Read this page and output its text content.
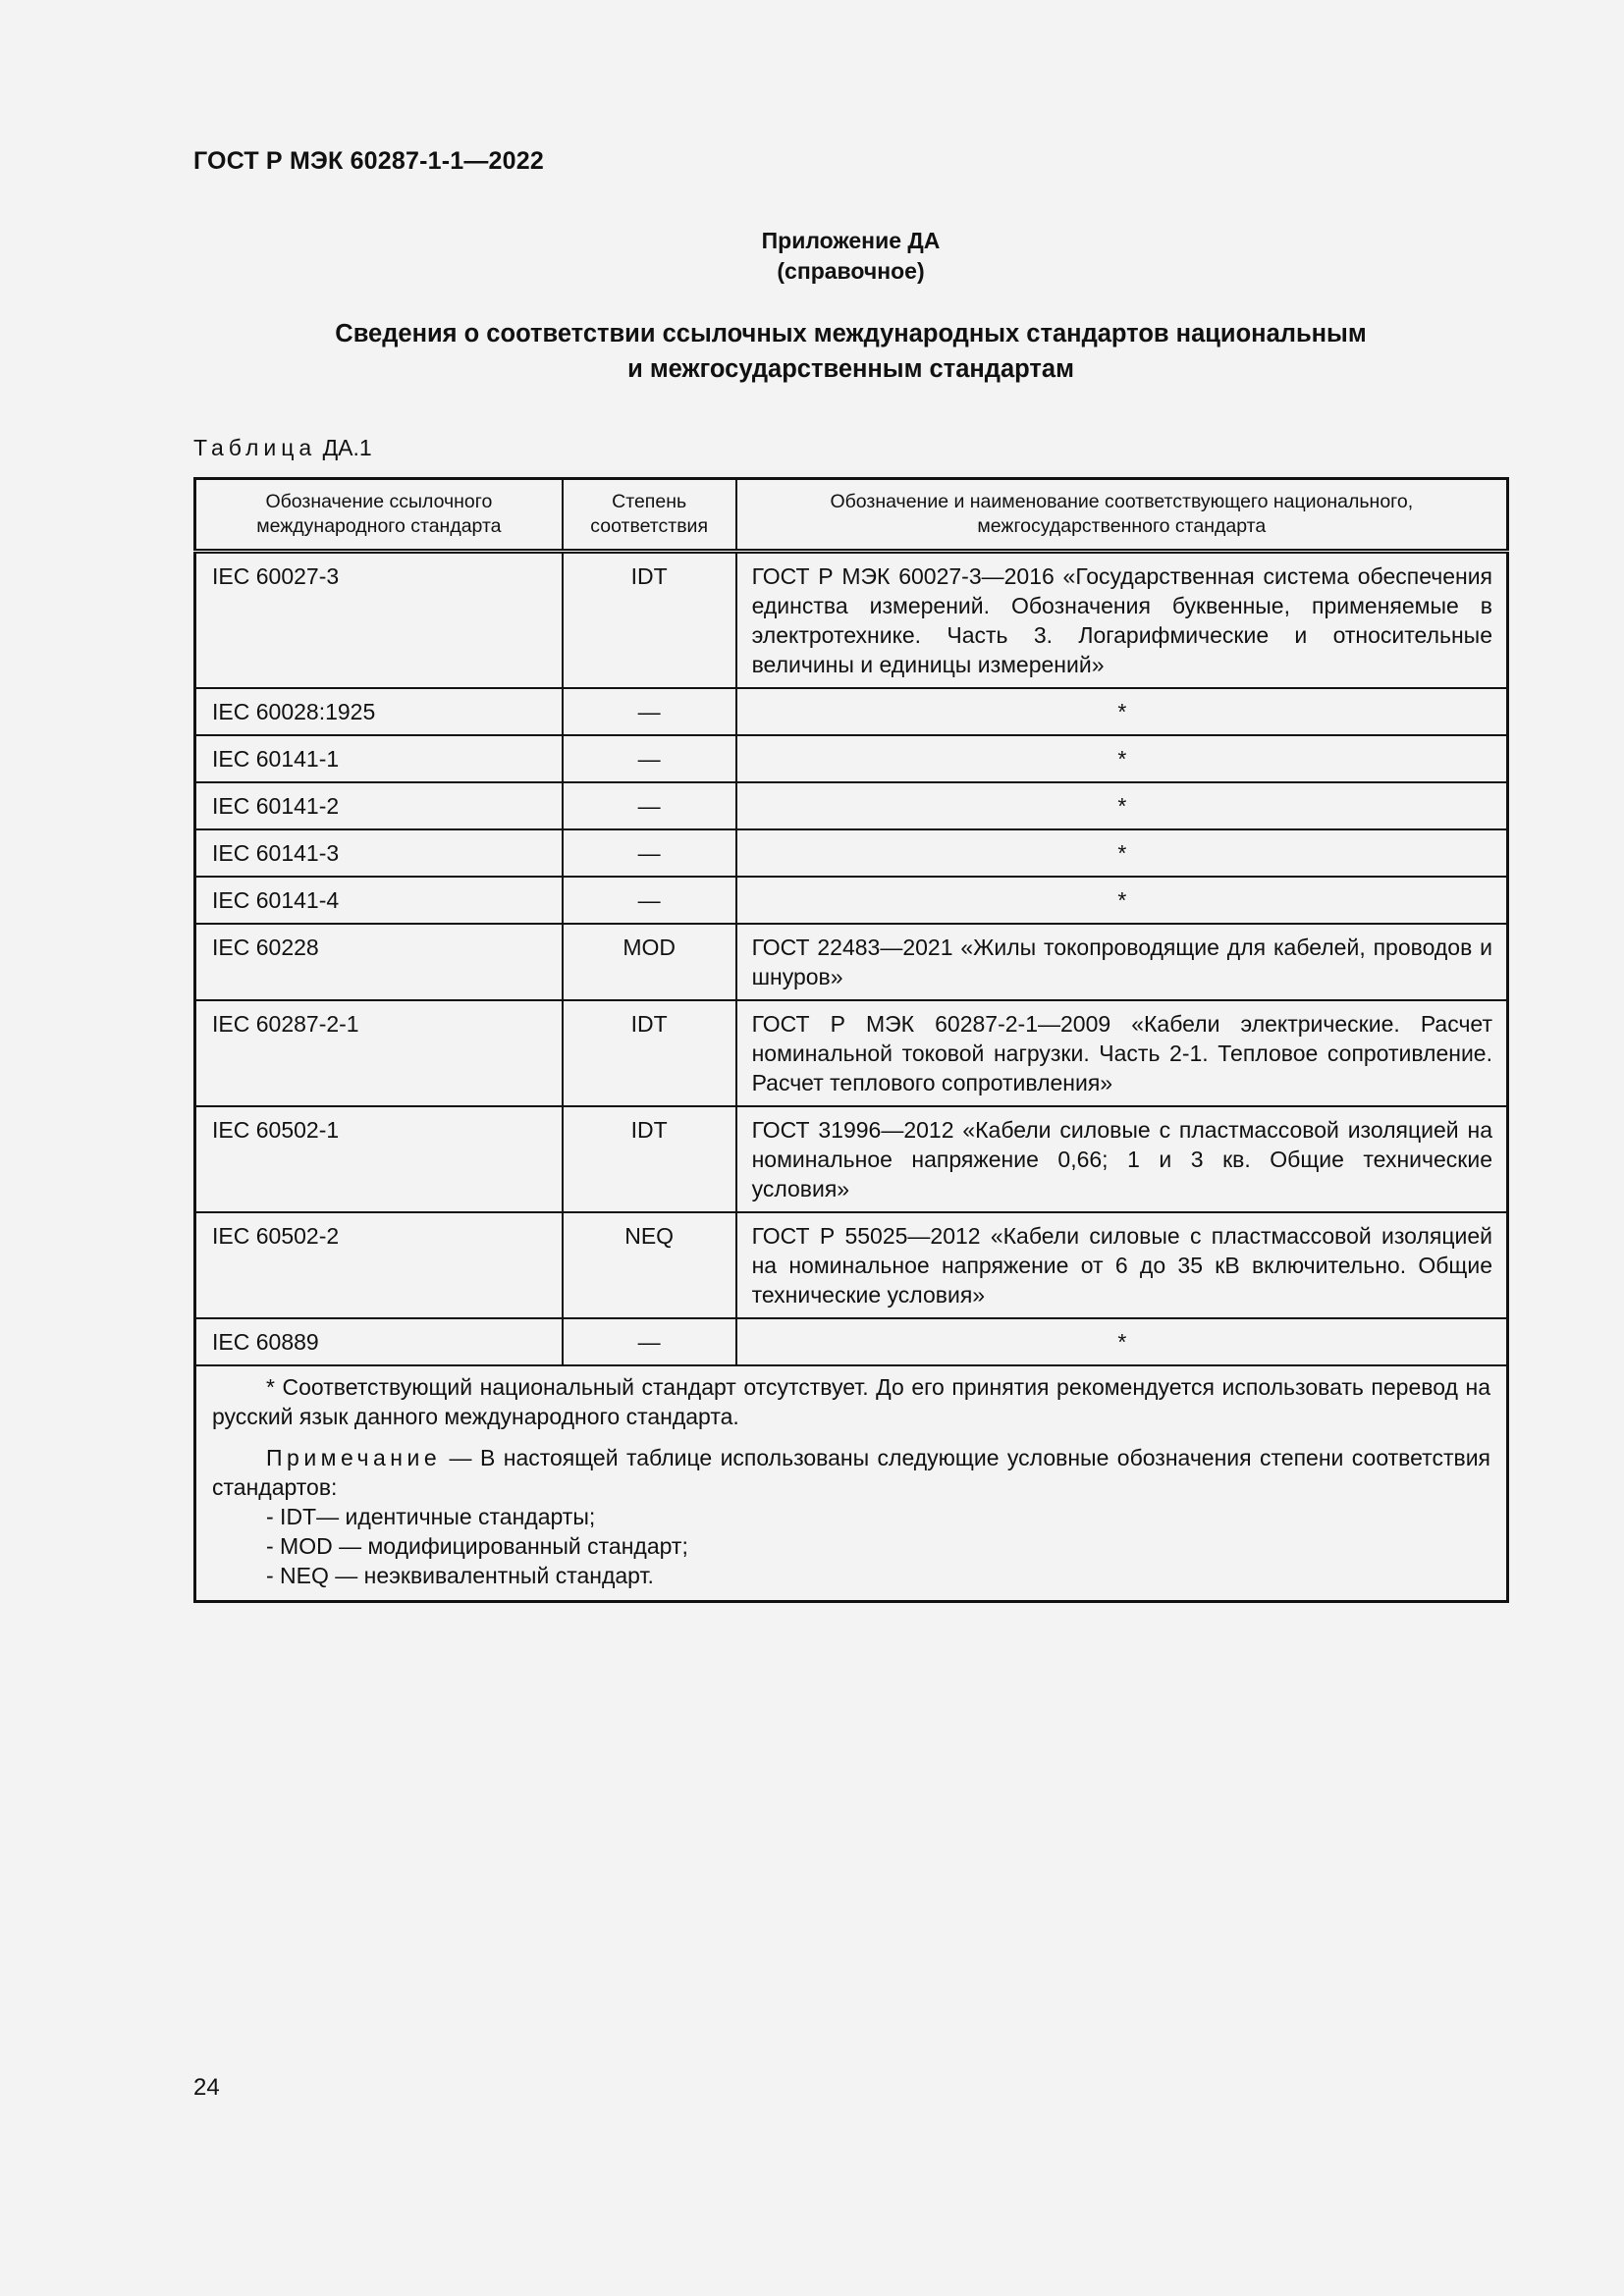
ГОСТ Р МЭК 60287-1-1—2022
Приложение ДА
(справочное)
Сведения о соответствии ссылочных международных стандартов национальным
и межгосударственным стандартам
Таблица ДА.1
Обозначение ссылочного международного стандарта	Степень соответствия	Обозначение и наименование соответствующего национального, межгосударственного стандарта
IEC 60027-3	IDT	ГОСТ Р МЭК 60027-3—2016 «Государственная система обеспечения единства измерений. Обозначения буквенные, применяемые в электротехнике. Часть 3. Логарифмические и относительные величины и единицы измерений»
IEC 60028:1925	—	*
IEC 60141-1	—	*
IEC 60141-2	—	*
IEC 60141-3	—	*
IEC 60141-4	—	*
IEC 60228	MOD	ГОСТ 22483—2021 «Жилы токопроводящие для кабелей, проводов и шнуров»
IEC 60287-2-1	IDT	ГОСТ Р МЭК 60287-2-1—2009 «Кабели электрические. Расчет номинальной токовой нагрузки. Часть 2-1. Тепловое сопротивление. Расчет теплового сопротивления»
IEC 60502-1	IDT	ГОСТ 31996—2012 «Кабели силовые с пластмассовой изоляцией на номинальное напряжение 0,66; 1 и 3 кв. Общие технические условия»
IEC 60502-2	NEQ	ГОСТ Р 55025—2012 «Кабели силовые с пластмассовой изоляцией на номинальное напряжение от 6 до 35 кВ включительно. Общие технические условия»
IEC 60889	—	*

* Соответствующий национальный стандарт отсутствует. До его принятия рекомендуется использовать перевод на русский язык данного международного стандарта.

Примечание — В настоящей таблице использованы следующие условные обозначения степени соответствия стандартов:

- IDT— идентичные стандарты;
- MOD — модифицированный стандарт;
- NEQ — неэквивалентный стандарт.		
24
